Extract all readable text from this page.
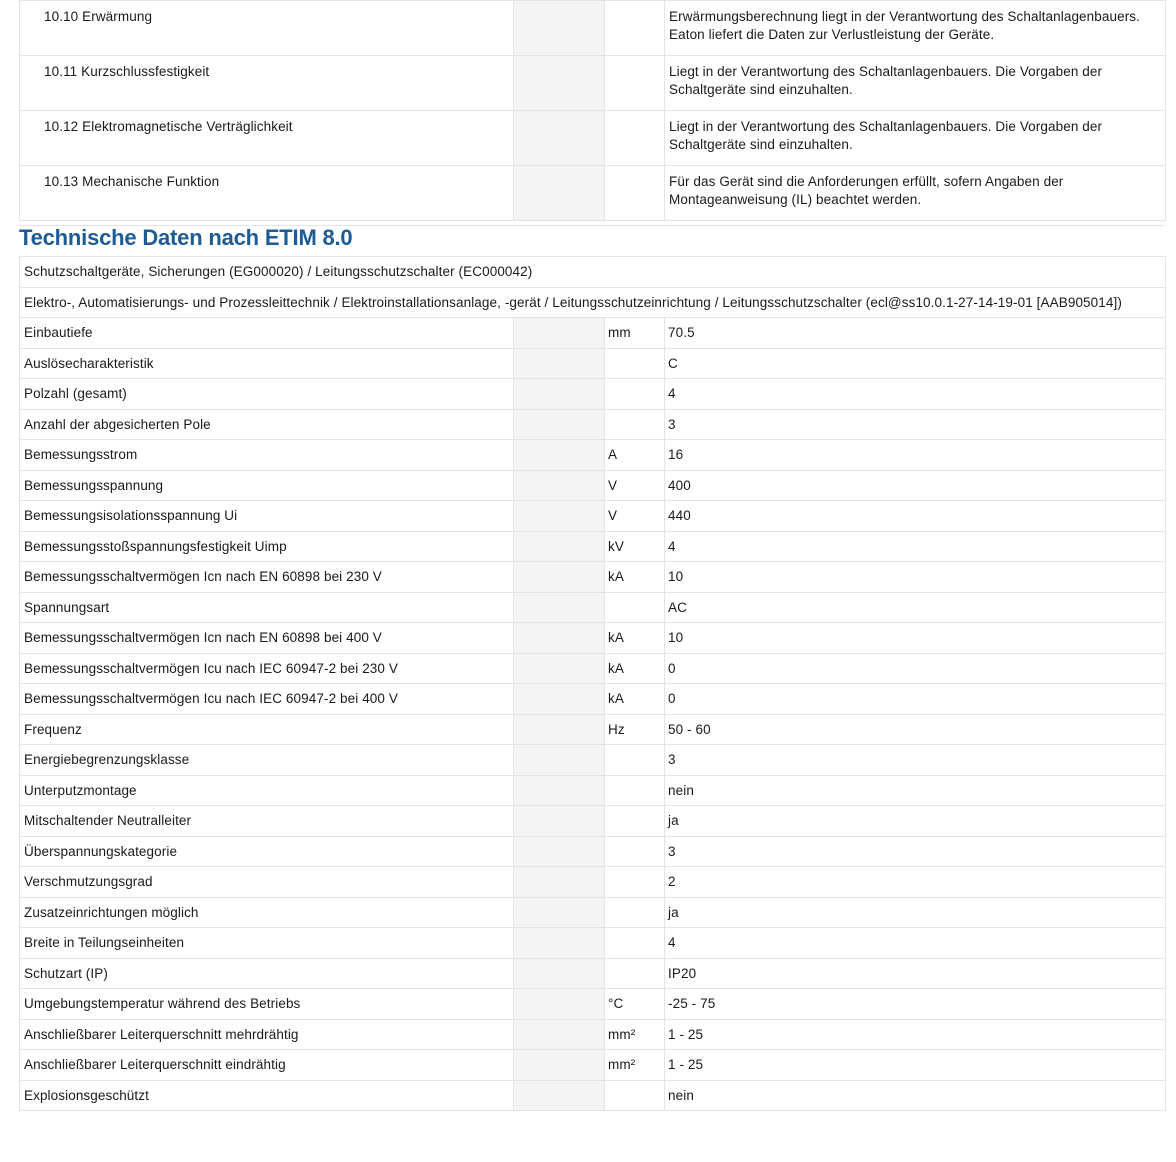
10.10 Erwärmung			Erwärmungsberechnung liegt in der Verantwortung des Schaltanlagenbauers. Eaton liefert die Daten zur Verlustleistung der Geräte.
10.11 Kurzschlussfestigkeit			Liegt in der Verantwortung des Schaltanlagenbauers. Die Vorgaben der Schaltgeräte sind einzuhalten.
10.12 Elektromagnetische Verträglichkeit			Liegt in der Verantwortung des Schaltanlagenbauers. Die Vorgaben der Schaltgeräte sind einzuhalten.
10.13 Mechanische Funktion			Für das Gerät sind die Anforderungen erfüllt, sofern Angaben der Montageanweisung (IL) beachtet werden.
Technische Daten nach ETIM 8.0
Schutzschaltgeräte, Sicherungen (EG000020) / Leitungsschutzschalter (EC000042)			
Elektro-, Automatisierungs- und Prozessleittechnik / Elektroinstallationsanlage, -gerät / Leitungsschutzeinrichtung / Leitungsschutzschalter (ecl@ss10.0.1-27-14-19-01 [AAB905014])			
Einbautiefe		mm	70.5
Auslösecharakteristik			C
Polzahl (gesamt)			4
Anzahl der abgesicherten Pole			3
Bemessungsstrom		A	16
Bemessungsspannung		V	400
Bemessungsisolationsspannung Ui		V	440
Bemessungsstoßspannungsfestigkeit Uimp		kV	4
Bemessungsschaltvermögen Icn nach EN 60898 bei 230 V		kA	10
Spannungsart			AC
Bemessungsschaltvermögen Icn nach EN 60898 bei 400 V		kA	10
Bemessungsschaltvermögen Icu nach IEC 60947-2 bei 230 V		kA	0
Bemessungsschaltvermögen Icu nach IEC 60947-2 bei 400 V		kA	0
Frequenz		Hz	50 - 60
Energiebegrenzungsklasse			3
Unterputzmontage			nein
Mitschaltender Neutralleiter			ja
Überspannungskategorie			3
Verschmutzungsgrad			2
Zusatzeinrichtungen möglich			ja
Breite in Teilungseinheiten			4
Schutzart (IP)			IP20
Umgebungstemperatur während des Betriebs		°C	-25 - 75
Anschließbarer Leiterquerschnitt mehrdrähtig		mm²	1 - 25
Anschließbarer Leiterquerschnitt eindrähtig		mm²	1 - 25
Explosionsgeschützt			nein
